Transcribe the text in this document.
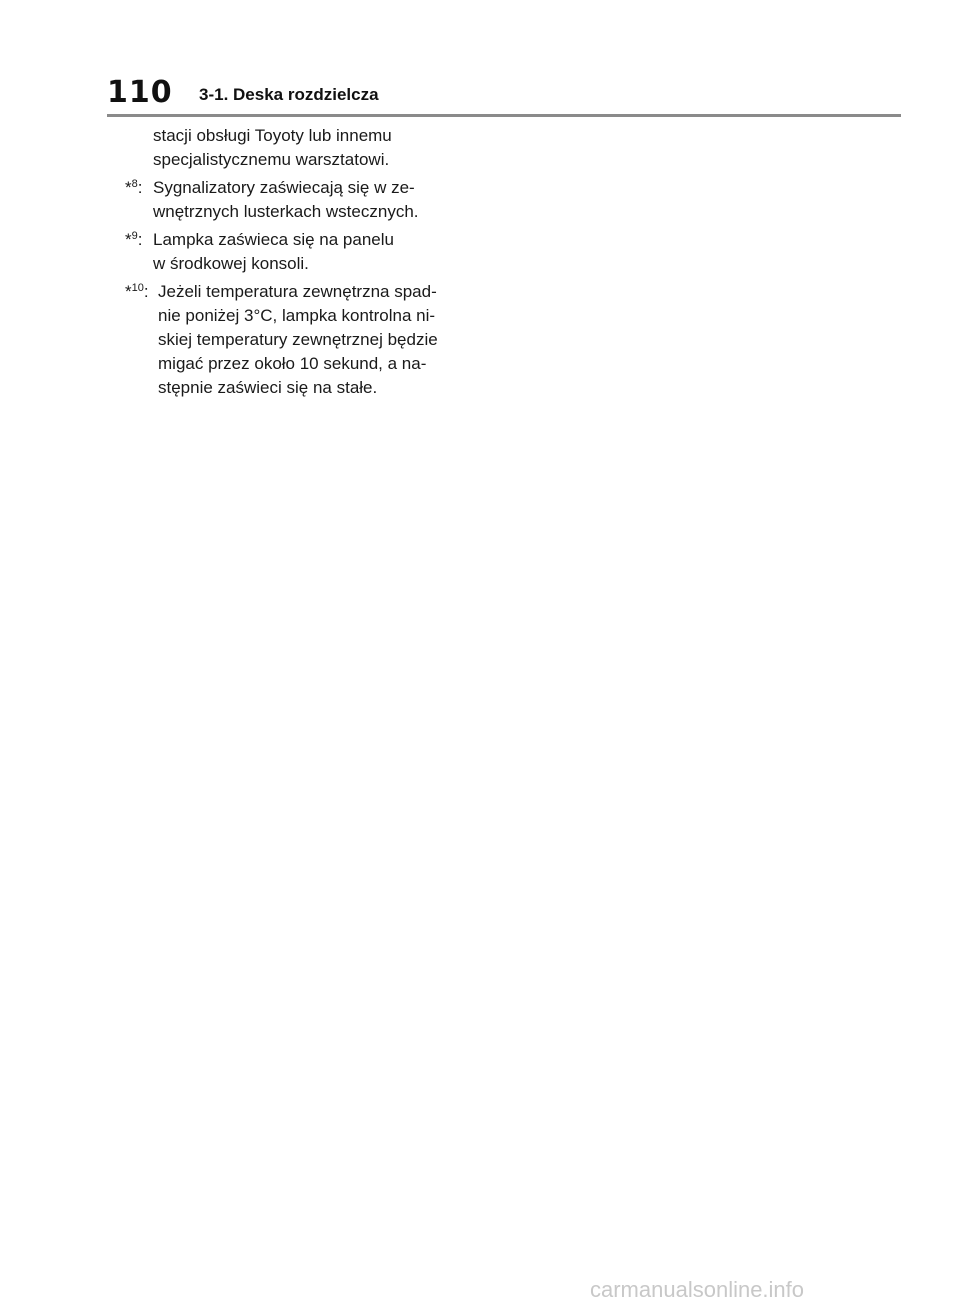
110 3-1. Deska rozdzielcza
stacji obsługi Toyoty lub innemu
specjalistycznemu warsztatowi.
*$^8$: Sygnalizatory zaświecają się w ze-
wnętrznych lusterkach wstecznych.
*$^9$: Lampka zaświeca się na panelu
w środkowej konsoli.
*$^{10}$: Jeżeli temperatura zewnętrzna spad-
nie poniżej 3°C, lampka kontrolna ni-
skiej temperatury zewnętrznej będzie
migać przez około 10 sekund, a na-
stępnie zaświeci się na stałe.
carmanualsonline.info
